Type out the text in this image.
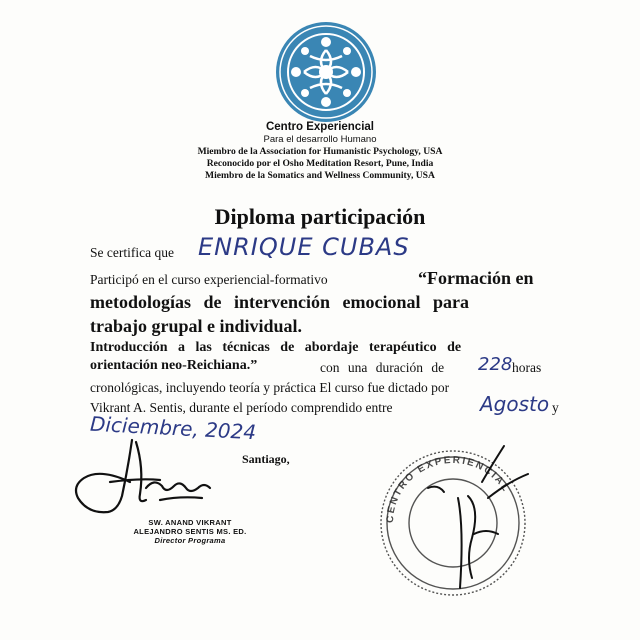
Centro Experiencial
Para el desarrollo Humano
Miembro de la Association for Humanistic Psychology, USA
Reconocido por el Osho Meditation Resort, Pune, India
Miembro de la Somatics and Wellness Community, USA
Diploma participación
Se certifica que ENRIQUE CUBAS
Participó en el curso experiencial-formativo	“Formación en
metodologías de intervención emocional para
trabajo grupal e individual.
Introducción a las técnicas de abordaje terapéutico de
orientación neo-Reichiana.”	con una duración de 228 horas
cronológicas, incluyendo teoría y práctica El curso fue dictado por
Vikrant A. Sentis, durante el período comprendido entre	Agosto y
Diciembre, 2024
Santiago,
SW. ANAND VIKRANT
ALEJANDRO SENTIS MS. ED.
Director Programa
CENTRO EXPERIENCIAL
